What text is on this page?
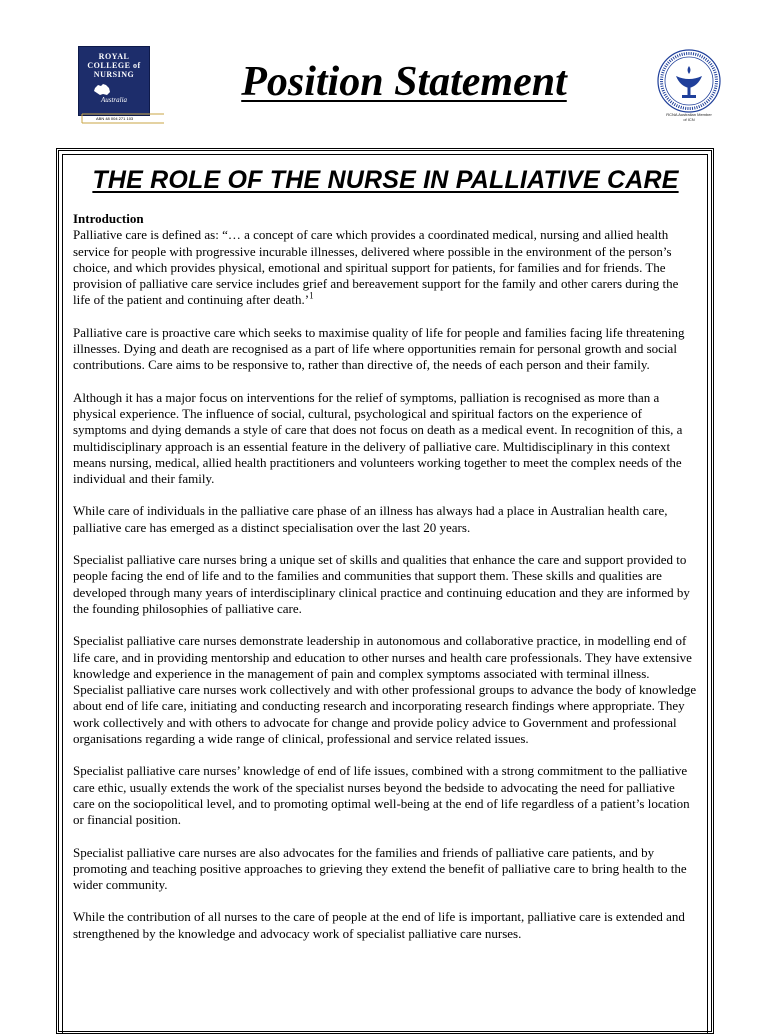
ROYAL
COLLEGE of
NURSING
Australia
ABN 48 004 271 103
Position Statement
RCNA Australian Member of ICN
THE ROLE OF THE NURSE IN PALLIATIVE CARE
Introduction

Palliative care is defined as: “… a concept of care which provides a coordinated medical, nursing and allied health service for people with progressive incurable illnesses, delivered where possible in the environment of the person’s choice, and which provides physical, emotional and spiritual support for patients, for families and for friends. The provision of palliative care service includes grief and bereavement support for the family and other carers during the life of the patient and continuing after death.’$^1$

Palliative care is proactive care which seeks to maximise quality of life for people and families facing life threatening illnesses. Dying and death are recognised as a part of life where opportunities remain for personal growth and social contributions. Care aims to be responsive to, rather than directive of, the needs of each person and their family.

Although it has a major focus on interventions for the relief of symptoms, palliation is recognised as more than a physical experience. The influence of social, cultural, psychological and spiritual factors on the experience of symptoms and dying demands a style of care that does not focus on death as a medical event. In recognition of this, a multidisciplinary approach is an essential feature in the delivery of palliative care. Multidisciplinary in this context means nursing, medical, allied health practitioners and volunteers working together to meet the complex needs of the individual and their family.

While care of individuals in the palliative care phase of an illness has always had a place in Australian health care, palliative care has emerged as a distinct specialisation over the last 20 years.

Specialist palliative care nurses bring a unique set of skills and qualities that enhance the care and support provided to people facing the end of life and to the families and communities that support them. These skills and qualities are developed through many years of interdisciplinary clinical practice and continuing education and they are informed by the founding philosophies of palliative care.

Specialist palliative care nurses demonstrate leadership in autonomous and collaborative practice, in modelling end of life care, and in providing mentorship and education to other nurses and health care professionals. They have extensive knowledge and experience in the management of pain and complex symptoms associated with terminal illness. Specialist palliative care nurses work collectively and with other professional groups to advance the body of knowledge about end of life care, initiating and conducting research and incorporating research findings where appropriate. They work collectively and with others to advocate for change and provide policy advice to Government and professional organisations regarding a wide range of clinical, professional and service related issues.

Specialist palliative care nurses’ knowledge of end of life issues, combined with a strong commitment to the palliative care ethic, usually extends the work of the specialist nurses beyond the bedside to advocating the need for palliative care on the sociopolitical level, and to promoting optimal well-being at the end of life regardless of a patient’s location or financial position.

Specialist palliative care nurses are also advocates for the families and friends of palliative care patients, and by promoting and teaching positive approaches to grieving they extend the benefit of palliative care to bring health to the wider community.

While the contribution of all nurses to the care of people at the end of life is important, palliative care is extended and strengthened by the knowledge and advocacy work of specialist palliative care nurses.
